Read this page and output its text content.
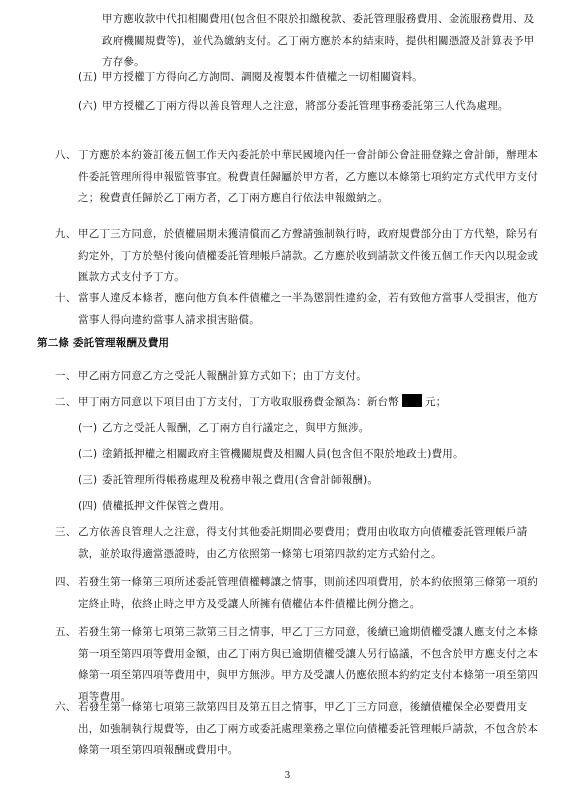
甲方應收款中代扣相關費用(包含但不限於扣繳稅款、委託管理服務費用、金流服務費用、及政府機關規費等)，並代為繳納支付。乙丁兩方應於本約結束時，提供相關憑證及計算表予甲方存參。
(五) 甲方授權丁方得向乙方詢問、調閱及複製本件債權之一切相關資料。
(六) 甲方授權乙丁兩方得以善良管理人之注意，將部分委託管理事務委託第三人代為處理。
八、 丁方應於本約簽訂後五個工作天內委託於中華民國境內任一會計師公會註冊登錄之會計師，辦理本件委託管理所得申報監管事宜。稅費責任歸屬於甲方者，乙方應以本條第七項約定方式代甲方支付之；稅費責任歸於乙丁兩方者，乙丁兩方應自行依法申報繳納之。
九、 甲乙丁三方同意，於債權屆期未獲清償而乙方聲請強制執行時，政府規費部分由丁方代墊，除另有約定外，丁方於墊付後向債權委託管理帳戶請款。乙方應於收到請款文件後五個工作天內以現金或匯款方式支付予丁方。
十、 當事人違反本條者，應向他方負本件債權之一半為懲罰性違約金，若有致他方當事人受損害，他方當事人得向違約當事人請求損害賠償。
第二條 委託管理報酬及費用
一、 甲乙兩方同意乙方之受託人報酬計算方式如下；由丁方支付。
二、 甲丁兩方同意以下項目由丁方支付，丁方收取服務費金額為：新台幣 元；
(一) 乙方之受託人報酬，乙丁兩方自行議定之，與甲方無涉。
(二) 塗銷抵押權之相關政府主管機關規費及相關人員(包含但不限於地政士)費用。
(三) 委託管理所得帳務處理及稅務申報之費用(含會計師報酬)。
(四) 債權抵押文件保管之費用。
三、 乙方依善良管理人之注意，得支付其他委託期間必要費用；費用由收取方向債權委託管理帳戶請款，並於取得適當憑證時，由乙方依照第一條第七項第四款約定方式給付之。
四、 若發生第一條第三項所述委託管理債權轉讓之情事，則前述四項費用，於本約依照第三條第一項約定終止時，依終止時之甲方及受讓人所擁有債權佔本件債權比例分擔之。
五、 若發生第一條第七項第三款第三目之情事，甲乙丁三方同意，後續已逾期債權受讓人應支付之本條第一項至第四項等費用金額，由乙丁兩方與已逾期債權受讓人另行協議，不包含於甲方應支付之本條第一項至第四項等費用中，與甲方無涉。甲方及受讓人仍應依照本約約定支付本條第一項至第四項等費用。
六、 若發生第一條第七項第三款第四目及第五目之情事，甲乙丁三方同意，後續債權保全必要費用支出，如強制執行規費等，由乙丁兩方或委託處理業務之單位向債權委託管理帳戶請款，不包含於本條第一項至第四項報酬或費用中。
3
